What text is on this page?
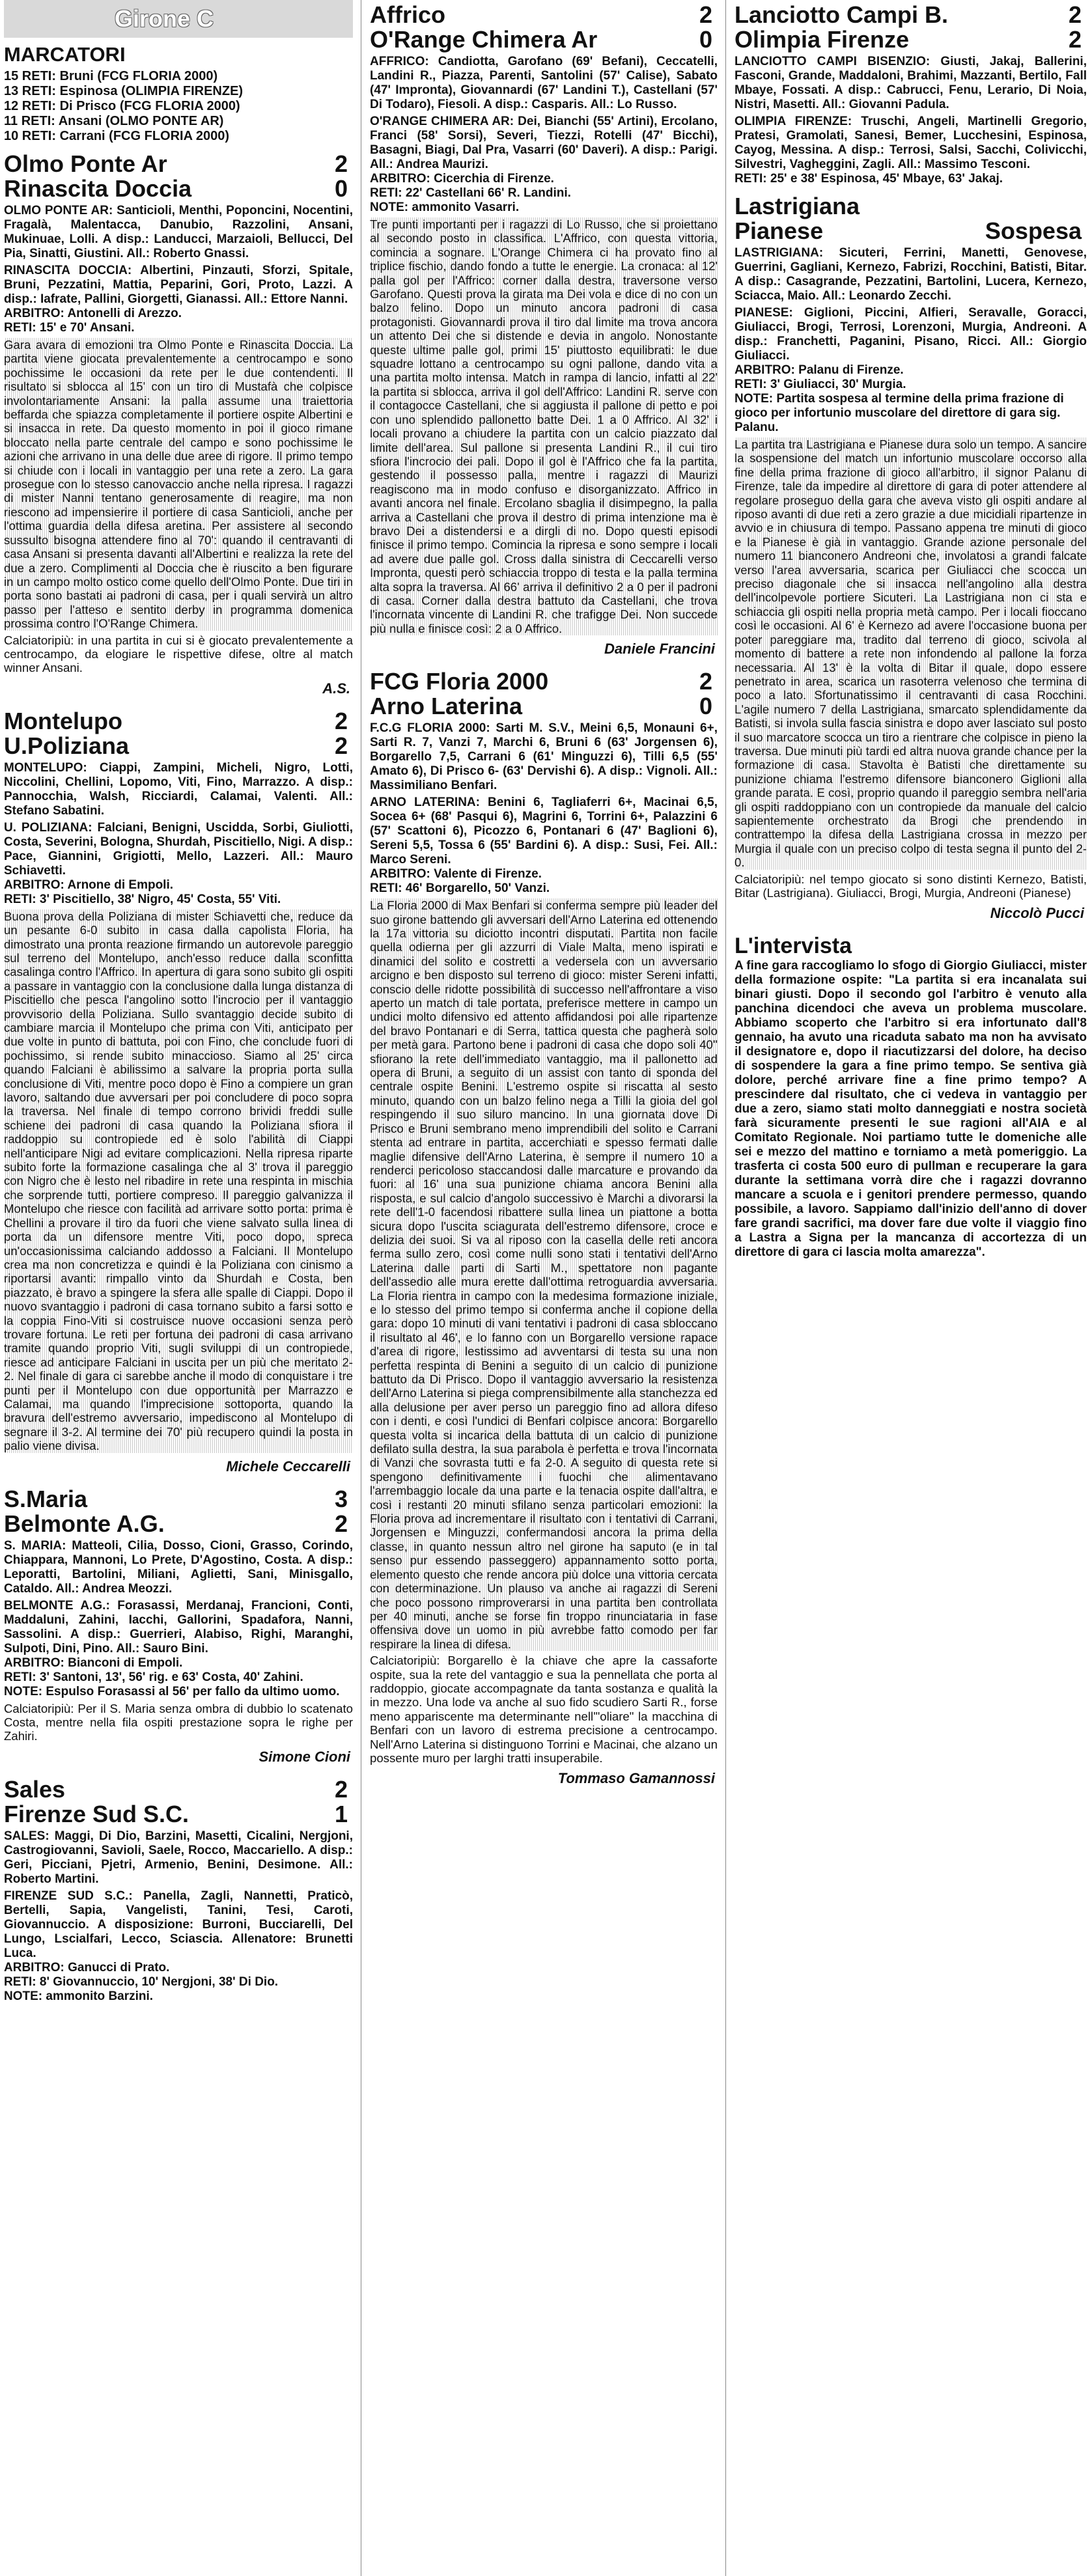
Girone C
MARCATORI
15 RETI: Bruni (FCG FLORIA 2000)
13 RETI: Espinosa (OLIMPIA FIRENZE)
12 RETI: Di Prisco (FCG FLORIA 2000)
11 RETI: Ansani (OLMO PONTE AR)
10 RETI: Carrani (FCG FLORIA 2000)
Olmo Ponte Ar	2
Rinascita Doccia	0
OLMO PONTE AR: Santicioli, Menthi, Poponcini, Nocentini, Fragalà, Malentacca, Danubio, Razzolini, Ansani, Mukinuae, Lolli. A disp.: Landucci, Marzaioli, Bellucci, Del Pia, Sinatti, Giustini. All.: Roberto Gnassi.
RINASCITA DOCCIA: Albertini, Pinzauti, Sforzi, Spitale, Bruni, Pezzatini, Mattia, Peparini, Gori, Proto, Lazzi. A disp.: Iafrate, Pallini, Giorgetti, Gianassi. All.: Ettore Nanni.
ARBITRO: Antonelli di Arezzo.
RETI: 15' e 70' Ansani.
Gara avara di emozioni tra Olmo Ponte e Rinascita Doccia. La partita viene giocata prevalentemente a centrocampo e sono pochissime le occasioni da rete per le due contendenti. Il risultato si sblocca al 15' con un tiro di Mustafà che colpisce involontariamente Ansani: la palla assume una traiettoria beffarda che spiazza completamente il portiere ospite Albertini e si insacca in rete. Da questo momento in poi il gioco rimane bloccato nella parte centrale del campo e sono pochissime le azioni che arrivano in una delle due aree di rigore. Il primo tempo si chiude con i locali in vantaggio per una rete a zero. La gara prosegue con lo stesso canovaccio anche nella ripresa. I ragazzi di mister Nanni tentano generosamente di reagire, ma non riescono ad impensierire il portiere di casa Santicioli, anche per l'ottima guardia della difesa aretina. Per assistere al secondo sussulto bisogna attendere fino al 70': quando il centravanti di casa Ansani si presenta davanti all'Albertini e realizza la rete del due a zero. Complimenti al Doccia che è riuscito a ben figurare in un campo molto ostico come quello dell'Olmo Ponte. Due tiri in porta sono bastati ai padroni di casa, per i quali servirà un altro passo per l'atteso e sentito derby in programma domenica prossima contro l'O'Range Chimera.
Calciatoripiù: in una partita in cui si è giocato prevalentemente a centrocampo, da elogiare le rispettive difese, oltre al match winner Ansani.
A.S.
Montelupo	2
U.Poliziana	2
MONTELUPO: Ciappi, Zampini, Micheli, Nigro, Lotti, Niccolini, Chellini, Lopomo, Viti, Fino, Marrazzo. A disp.: Pannocchia, Walsh, Ricciardi, Calamai, Valenti. All.: Stefano Sabatini.
U. POLIZIANA: Falciani, Benigni, Uscidda, Sorbi, Giuliotti, Costa, Severini, Bologna, Shurdah, Piscitiello, Nigi. A disp.: Pace, Giannini, Grigiotti, Mello, Lazzeri. All.: Mauro Schiavetti.
ARBITRO: Arnone di Empoli.
RETI: 3' Piscitiello, 38' Nigro, 45' Costa, 55' Viti.
Buona prova della Poliziana di mister Schiavetti che, reduce da un pesante 6-0 subito in casa dalla capolista Floria, ha dimostrato una pronta reazione firmando un autorevole pareggio sul terreno del Montelupo, anch'esso reduce dalla sconfitta casalinga contro l'Affrico. In apertura di gara sono subito gli ospiti a passare in vantaggio con la conclusione dalla lunga distanza di Piscitiello che pesca l'angolino sotto l'incrocio per il vantaggio provvisorio della Poliziana. Sullo svantaggio decide subito di cambiare marcia il Montelupo che prima con Viti, anticipato per due volte in punto di battuta, poi con Fino, che conclude fuori di pochissimo, si rende subito minaccioso. Siamo al 25' circa quando Falciani è abilissimo a salvare la propria porta sulla conclusione di Viti, mentre poco dopo è Fino a compiere un gran lavoro, saltando due avversari per poi concludere di poco sopra la traversa. Nel finale di tempo corrono brividi freddi sulle schiene dei padroni di casa quando la Poliziana sfiora il raddoppio su contropiede ed è solo l'abilità di Ciappi nell'anticipare Nigi ad evitare complicazioni. Nella ripresa riparte subito forte la formazione casalinga che al 3' trova il pareggio con Nigro che è lesto nel ribadire in rete una respinta in mischia che sorprende tutti, portiere compreso. Il pareggio galvanizza il Montelupo che riesce con facilità ad arrivare sotto porta: prima è Chellini a provare il tiro da fuori che viene salvato sulla linea di porta da un difensore mentre Viti, poco dopo, spreca un'occasionissima calciando addosso a Falciani. Il Montelupo crea ma non concretizza e quindi è la Poliziana con cinismo a riportarsi avanti: rimpallo vinto da Shurdah e Costa, ben piazzato, è bravo a spingere la sfera alle spalle di Ciappi. Dopo il nuovo svantaggio i padroni di casa tornano subito a farsi sotto e la coppia Fino-Viti si costruisce nuove occasioni senza però trovare fortuna. Le reti per fortuna dei padroni di casa arrivano tramite quando proprio Viti, sugli sviluppi di un contropiede, riesce ad anticipare Falciani in uscita per un più che meritato 2-2. Nel finale di gara ci sarebbe anche il modo di conquistare i tre punti per il Montelupo con due opportunità per Marrazzo e Calamai, ma quando l'imprecisione sottoporta, quando la bravura dell'estremo avversario, impediscono al Montelupo di segnare il 3-2. Al termine dei 70' più recupero quindi la posta in palio viene divisa.
Michele Ceccarelli
S.Maria	3
Belmonte A.G.	2
S. MARIA: Matteoli, Cilia, Dosso, Cioni, Grasso, Corindo, Chiappara, Mannoni, Lo Prete, D'Agostino, Costa. A disp.: Leporatti, Bartolini, Miliani, Aglietti, Sani, Minisgallo, Cataldo. All.: Andrea Meozzi.
BELMONTE A.G.: Forasassi, Merdanaj, Francioni, Conti, Maddaluni, Zahini, Iacchi, Gallorini, Spadafora, Nanni, Sassolini. A disp.: Guerrieri, Alabiso, Righi, Maranghi, Sulpoti, Dini, Pino. All.: Sauro Bini.
ARBITRO: Bianconi di Empoli.
RETI: 3' Santoni, 13', 56' rig. e 63' Costa, 40' Zahini.
NOTE: Espulso Forasassi al 56' per fallo da ultimo uomo.
Calciatoripiù: Per il S. Maria senza ombra di dubbio lo scatenato Costa, mentre nella fila ospiti prestazione sopra le righe per Zahiri.
Simone Cioni
Sales	2
Firenze Sud S.C.	1
SALES: Maggi, Di Dio, Barzini, Masetti, Cicalini, Nergjoni, Castrogiovanni, Savioli, Saele, Rocco, Maccariello. A disp.: Geri, Picciani, Pjetri, Armenio, Benini, Desimone. All.: Roberto Martini.
FIRENZE SUD S.C.: Panella, Zagli, Nannetti, Praticò, Bertelli, Sapia, Vangelisti, Tanini, Tesi, Caroti, Giovannuccio. A disposizione: Burroni, Bucciarelli, Del Lungo, Lscialfari, Lecco, Sciascia. Allenatore: Brunetti Luca.
ARBITRO: Ganucci di Prato.
RETI: 8' Giovannuccio, 10' Nergjoni, 38' Di Dio.
NOTE: ammonito Barzini.
Affrico	2
O'Range Chimera Ar	0
AFFRICO: Candiotta, Garofano (69' Befani), Ceccatelli, Landini R., Piazza, Parenti, Santolini (57' Calise), Sabato (47' Impronta), Giovannardi (67' Landini T.), Castellani (57' Di Todaro), Fiesoli. A disp.: Casparis. All.: Lo Russo.
O'RANGE CHIMERA AR: Dei, Bianchi (55' Artini), Ercolano, Franci (58' Sorsi), Severi, Tiezzi, Rotelli (47' Bicchi), Basagni, Biagi, Dal Pra, Vasarri (60' Daveri). A disp.: Parigi. All.: Andrea Maurizi.
ARBITRO: Cicerchia di Firenze.
RETI: 22' Castellani 66' R. Landini.
NOTE: ammonito Vasarri.
Tre punti importanti per i ragazzi di Lo Russo, che si proiettano al secondo posto in classifica. L'Affrico, con questa vittoria, comincia a sognare. L'Orange Chimera ci ha provato fino al triplice fischio, dando fondo a tutte le energie. La cronaca: al 12' palla gol per l'Affrico: corner dalla destra, traversone verso Garofano. Questi prova la girata ma Dei vola e dice di no con un balzo felino. Dopo un minuto ancora padroni di casa protagonisti. Giovannardi prova il tiro dal limite ma trova ancora un attento Dei che si distende e devia in angolo. Nonostante queste ultime palle gol, primi 15' piuttosto equilibrati: le due squadre lottano a centrocampo su ogni pallone, dando vita a una partita molto intensa. Match in rampa di lancio, infatti al 22' la partita si sblocca, arriva il gol dell'Affrico: Landini R. serve con il contagocce Castellani, che si aggiusta il pallone di petto e poi con uno splendido pallonetto batte Dei. 1 a 0 Affrico. Al 32' i locali provano a chiudere la partita con un calcio piazzato dal limite dell'area. Sul pallone si presenta Landini R., il cui tiro sfiora l'incrocio dei pali. Dopo il gol è l'Affrico che fa la partita, gestendo il possesso palla, mentre i ragazzi di Maurizi reagiscono ma in modo confuso e disorganizzato. Affrico in avanti ancora nel finale. Ercolano sbaglia il disimpegno, la palla arriva a Castellani che prova il destro di prima intenzione ma è bravo Dei a distendersi e a dirgli di no. Dopo questi episodi finisce il primo tempo. Comincia la ripresa e sono sempre i locali ad avere due palle gol. Cross dalla sinistra di Ceccarelli verso Impronta, questi però schiaccia troppo di testa e la palla termina alta sopra la traversa. Al 66' arriva il definitivo 2 a 0 per il padroni di casa. Corner dalla destra battuto da Castellani, che trova l'incornata vincente di Landini R. che trafigge Dei. Non succede più nulla e finisce così: 2 a 0 Affrico.
Daniele Francini
FCG Floria 2000	2
Arno Laterina	0
F.C.G FLORIA 2000: Sarti M. S.V., Meini 6,5, Monauni 6+, Sarti R. 7, Vanzi 7, Marchi 6, Bruni 6 (63' Jorgensen 6), Borgarello 7,5, Carrani 6 (61' Minguzzi 6), Tilli 6,5 (55' Amato 6), Di Prisco 6- (63' Dervishi 6). A disp.: Vignoli. All.: Massimiliano Benfari.
ARNO LATERINA: Benini 6, Tagliaferri 6+, Macinai 6,5, Socea 6+ (68' Pasqui 6), Magrini 6, Torrini 6+, Palazzini 6 (57' Scattoni 6), Picozzo 6, Pontanari 6 (47' Baglioni 6), Sereni 5,5, Tossa 6 (55' Bardini 6). A disp.: Susi, Fei. All.: Marco Sereni.
ARBITRO: Valente di Firenze.
RETI: 46' Borgarello, 50' Vanzi.
La Floria 2000 di Max Benfari si conferma sempre più leader del suo girone battendo gli avversari dell'Arno Laterina ed ottenendo la 17a vittoria su diciotto incontri disputati. Partita non facile quella odierna per gli azzurri di Viale Malta, meno ispirati e dinamici del solito e costretti a vedersela con un avversario arcigno e ben disposto sul terreno di gioco: mister Sereni infatti, conscio delle ridotte possibilità di successo nell'affrontare a viso aperto un match di tale portata, preferisce mettere in campo un undici molto difensivo ed attento affidandosi poi alle ripartenze del bravo Pontanari e di Serra, tattica questa che pagherà solo per metà gara. Partono bene i padroni di casa che dopo soli 40'' sfiorano la rete dell'immediato vantaggio, ma il pallonetto ad opera di Bruni, a seguito di un assist con tanto di sponda del centrale ospite Benini. L'estremo ospite si riscatta al sesto minuto, quando con un balzo felino nega a Tilli la gioia del gol respingendo il suo siluro mancino. In una giornata dove Di Prisco e Bruni sembrano meno imprendibili del solito e Carrani stenta ad entrare in partita, accerchiati e spesso fermati dalle maglie difensive dell'Arno Laterina, è sempre il numero 10 a renderci pericoloso staccandosi dalle marcature e provando da fuori: al 16' una sua punizione chiama ancora Benini alla risposta, e sul calcio d'angolo successivo è Marchi a divorarsi la rete dell'1-0 facendosi ribattere sulla linea un piattone a botta sicura dopo l'uscita sciagurata dell'estremo difensore, croce e delizia dei suoi. Si va al riposo con la casella delle reti ancora ferma sullo zero, così come nulli sono stati i tentativi dell'Arno Laterina dalle parti di Sarti M., spettatore non pagante dell'assedio alle mura erette dall'ottima retroguardia avversaria. La Floria rientra in campo con la medesima formazione iniziale, e lo stesso del primo tempo si conferma anche il copione della gara: dopo 10 minuti di vani tentativi i padroni di casa sbloccano il risultato al 46', e lo fanno con un Borgarello versione rapace d'area di rigore, lestissimo ad avventarsi di testa su una non perfetta respinta di Benini a seguito di un calcio di punizione battuto da Di Prisco. Dopo il vantaggio avversario la resistenza dell'Arno Laterina si piega comprensibilmente alla stanchezza ed alla delusione per aver perso un pareggio fino ad allora difeso con i denti, e così l'undici di Benfari colpisce ancora: Borgarello questa volta si incarica della battuta di un calcio di punizione defilato sulla destra, la sua parabola è perfetta e trova l'incornata di Vanzi che sovrasta tutti e fa 2-0. A seguito di questa rete si spengono definitivamente i fuochi che alimentavano l'arrembaggio locale da una parte e la tenacia ospite dall'altra, e così i restanti 20 minuti sfilano senza particolari emozioni: la Floria prova ad incrementare il risultato con i tentativi di Carrani, Jorgensen e Minguzzi, confermandosi ancora la prima della classe, in quanto nessun altro nel girone ha saputo (e in tal senso pur essendo passeggero) appannamento sotto porta, elemento questo che rende ancora più dolce una vittoria cercata con determinazione. Un plauso va anche ai ragazzi di Sereni che poco possono rimproverarsi in una partita ben controllata per 40 minuti, anche se forse fin troppo rinunciataria in fase offensiva dove un uomo in più avrebbe fatto comodo per far respirare la linea di difesa.
Calciatoripiù: Borgarello è la chiave che apre la cassaforte ospite, sua la rete del vantaggio e sua la pennellata che porta al raddoppio, giocate accompagnate da tanta sostanza e qualità la in mezzo. Una lode va anche al suo fido scudiero Sarti R., forse meno appariscente ma determinante nell'"oliare" la macchina di Benfari con un lavoro di estrema precisione a centrocampo. Nell'Arno Laterina si distinguono Torrini e Macinai, che alzano un possente muro per larghi tratti insuperabile.
Tommaso Gamannossi
Lanciotto Campi B.	2
Olimpia Firenze	2
LANCIOTTO CAMPI BISENZIO: Giusti, Jakaj, Ballerini, Fasconi, Grande, Maddaloni, Brahimi, Mazzanti, Bertilo, Fall Mbaye, Fossati. A disp.: Cabrucci, Fenu, Lerario, Di Noia, Nistri, Masetti. All.: Giovanni Padula.
OLIMPIA FIRENZE: Truschi, Angeli, Martinelli Gregorio, Pratesi, Gramolati, Sanesi, Bemer, Lucchesini, Espinosa, Cayog, Messina. A disp.: Terrosi, Salsi, Sacchi, Colivicchi, Silvestri, Vagheggini, Zagli. All.: Massimo Tesconi.
RETI: 25' e 38' Espinosa, 45' Mbaye, 63' Jakaj.
Lastrigiana
Pianese	Sospesa
LASTRIGIANA: Sicuteri, Ferrini, Manetti, Genovese, Guerrini, Gagliani, Kernezo, Fabrizi, Rocchini, Batisti, Bitar. A disp.: Casagrande, Pezzatini, Bartolini, Lucera, Kernezo, Sciacca, Maio. All.: Leonardo Zecchi.
PIANESE: Giglioni, Piccini, Alfieri, Seravalle, Goracci, Giuliacci, Brogi, Terrosi, Lorenzoni, Murgia, Andreoni. A disp.: Franchetti, Paganini, Pisano, Ricci. All.: Giorgio Giuliacci.
ARBITRO: Palanu di Firenze.
RETI: 3' Giuliacci, 30' Murgia.
NOTE: Partita sospesa al termine della prima frazione di gioco per infortunio muscolare del direttore di gara sig. Palanu.
La partita tra Lastrigiana e Pianese dura solo un tempo. A sancire la sospensione del match un infortunio muscolare occorso alla fine della prima frazione di gioco all'arbitro, il signor Palanu di Firenze, tale da impedire al direttore di gara di poter attendere al regolare proseguo della gara che aveva visto gli ospiti andare al riposo avanti di due reti a zero grazie a due micidiali ripartenze in avvio e in chiusura di tempo. Passano appena tre minuti di gioco e la Pianese è già in vantaggio. Grande azione personale del numero 11 bianconero Andreoni che, involatosi a grandi falcate verso l'area avversaria, scarica per Giuliacci che scocca un preciso diagonale che si insacca nell'angolino alla destra dell'incolpevole portiere Sicuteri. La Lastrigiana non ci sta e schiaccia gli ospiti nella propria metà campo. Per i locali fioccano così le occasioni. Al 6' è Kernezo ad avere l'occasione buona per poter pareggiare ma, tradito dal terreno di gioco, scivola al momento di battere a rete non infondendo al pallone la forza necessaria. Al 13' è la volta di Bitar il quale, dopo essere penetrato in area, scarica un rasoterra velenoso che termina di poco a lato. Sfortunatissimo il centravanti di casa Rocchini. L'agile numero 7 della Lastrigiana, smarcato splendidamente da Batisti, si invola sulla fascia sinistra e dopo aver lasciato sul posto il suo marcatore scocca un tiro a rientrare che colpisce in pieno la traversa. Due minuti più tardi ed altra nuova grande chance per la formazione di casa. Stavolta è Batisti che direttamente su punizione chiama l'estremo difensore bianconero Giglioni alla grande parata. E così, proprio quando il pareggio sembra nell'aria gli ospiti raddoppiano con un contropiede da manuale del calcio sapientemente orchestrato da Brogi che prendendo in contrattempo la difesa della Lastrigiana crossa in mezzo per Murgia il quale con un preciso colpo di testa segna il punto del 2-0.
Calciatoripiù: nel tempo giocato si sono distinti Kernezo, Batisti, Bitar (Lastrigiana). Giuliacci, Brogi, Murgia, Andreoni (Pianese)
Niccolò Pucci
L'intervista
A fine gara raccogliamo lo sfogo di Giorgio Giuliacci, mister della formazione ospite: "La partita si era incanalata sui binari giusti. Dopo il secondo gol l'arbitro è venuto alla panchina dicendoci che aveva un problema muscolare. Abbiamo scoperto che l'arbitro si era infortunato dall'8 gennaio, ha avuto una ricaduta sabato ma non ha avvisato il designatore e, dopo il riacutizzarsi del dolore, ha deciso di sospendere la gara a fine primo tempo. Se sentiva già dolore, perché arrivare fine a fine primo tempo? A prescindere dal risultato, che ci vedeva in vantaggio per due a zero, siamo stati molto danneggiati e nostra società farà sicuramente presenti le sue ragioni all'AIA e al Comitato Regionale. Noi partiamo tutte le domeniche alle sei e mezzo del mattino e torniamo a metà pomeriggio. La trasferta ci costa 500 euro di pullman e recuperare la gara durante la settimana vorrà dire che i ragazzi dovranno mancare a scuola e i genitori prendere permesso, quando possibile, a lavoro. Sappiamo dall'inizio dell'anno di dover fare grandi sacrifici, ma dover fare due volte il viaggio fino a Lastra a Signa per la mancanza di accortezza di un direttore di gara ci lascia molta amarezza".
